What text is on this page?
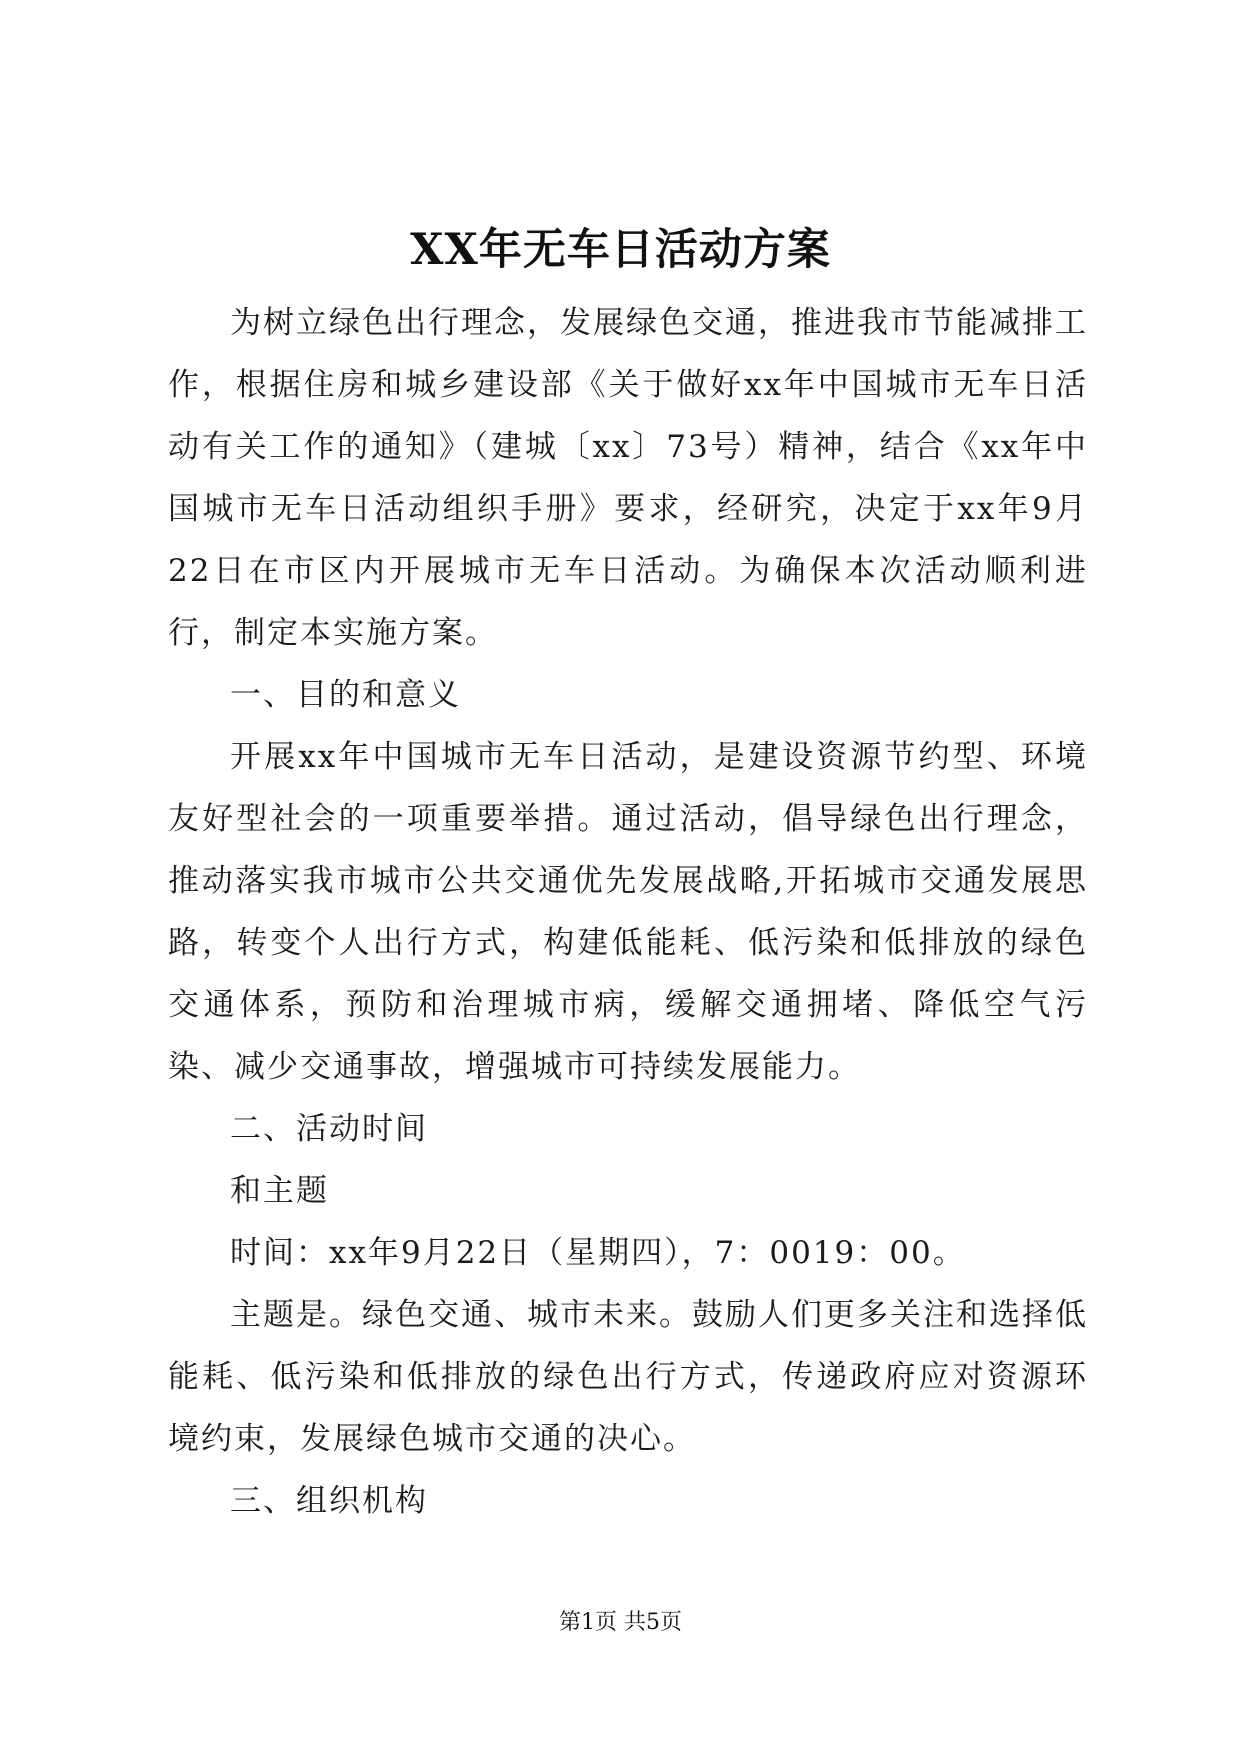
XX年无车日活动方案

为树立绿色出行理念，发展绿色交通，推进我市节能减排工作，根据住房和城乡建设部《关于做好xx年中国城市无车日活动有关工作的通知》（建城〔xx〕73号）精神，结合《xx年中国城市无车日活动组织手册》要求，经研究，决定于xx年9月22日在市区内开展城市无车日活动。为确保本次活动顺利进行，制定本实施方案。

一、目的和意义

开展xx年中国城市无车日活动，是建设资源节约型、环境友好型社会的一项重要举措。通过活动，倡导绿色出行理念，推动落实我市城市公共交通优先发展战略,开拓城市交通发展思路，转变个人出行方式，构建低能耗、低污染和低排放的绿色交通体系，预防和治理城市病，缓解交通拥堵、降低空气污染、减少交通事故，增强城市可持续发展能力。

二、活动时间

和主题

时间：xx年9月22日（星期四），7：0019：00。

主题是。绿色交通、城市未来。鼓励人们更多关注和选择低能耗、低污染和低排放的绿色出行方式，传递政府应对资源环境约束，发展绿色城市交通的决心。

三、组织机构

第1页 共5页
